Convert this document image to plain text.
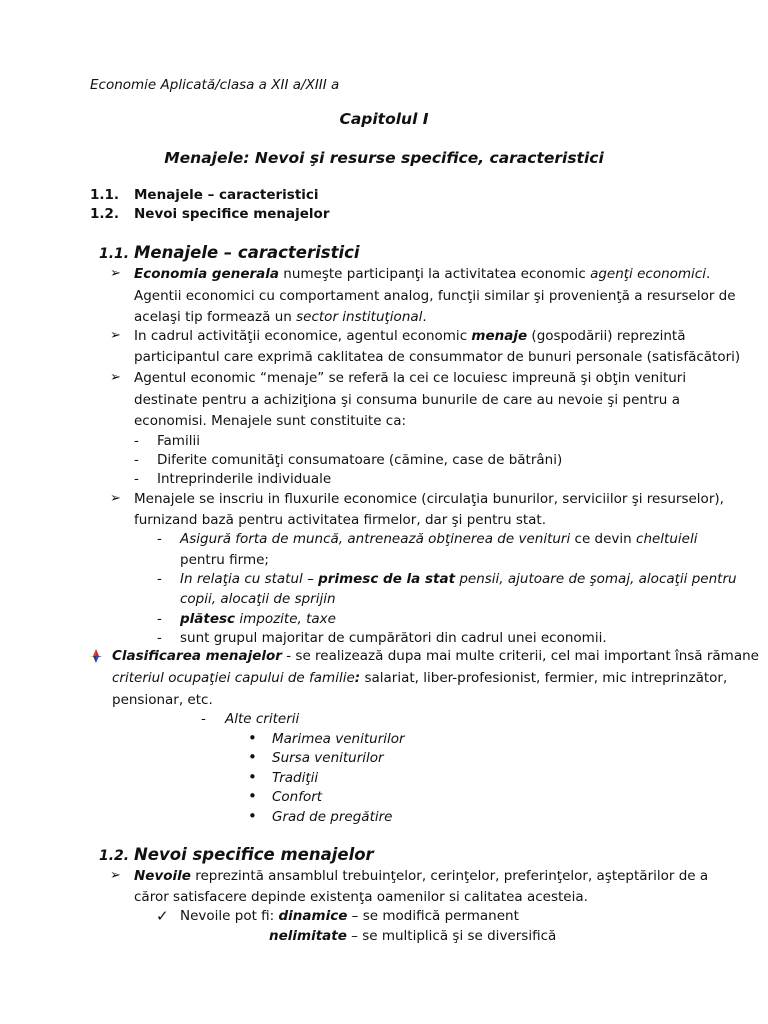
Economie Aplicată/clasa a XII a/XIII a
Capitolul I
Menajele: Nevoi şi resurse specifice, caracteristici
1.1. Menajele – caracteristici
1.2. Nevoi specifice menajelor
1.1. Menajele – caracteristici
➢ Economia generala numeşte participanţi la activitatea economic agenţi economici.
Agentii economici cu comportament analog, funcţii similar şi provenienţă a resurselor de
acelaşi tip formează un sector instituţional.
➢ In cadrul activităţii economice, agentul economic menaje (gospodării) reprezintă
participantul care exprimă caklitatea de consummator de bunuri personale (satisfăcători)
➢ Agentul economic “menaje” se referă la cei ce locuiesc impreună şi obţin venituri
destinate pentru a achiziţiona şi consuma bunurile de care au nevoie şi pentru a
economisi. Menajele sunt constituite ca:
- Familii
- Diferite comunităţi consumatoare (cămine, case de bătrâni)
- Intreprinderile individuale
➢ Menajele se inscriu in fluxurile economice (circulaţia bunurilor, serviciilor şi resurselor),
furnizand bază pentru activitatea firmelor, dar şi pentru stat.
- Asigură forta de muncă, antrenează obţinerea de venituri ce devin cheltuieli
pentru firme;
- In relaţia cu statul – primesc de la stat pensii, ajutoare de şomaj, alocaţii pentru
copii, alocaţii de sprijin
- plătesc impozite, taxe
- sunt grupul majoritar de cumpărători din cadrul unei economii.
Clasificarea menajelor - se realizează dupa mai multe criterii, cel mai important însă rămane
criteriul ocupaţiei capului de familie: salariat, liber-profesionist, fermier, mic intreprinzător,
pensionar, etc.
- Alte criterii
• Marimea veniturilor
• Sursa veniturilor
• Tradiţii
• Confort
• Grad de pregătire
1.2. Nevoi specifice menajelor
➢ Nevoile reprezintă ansamblul trebuinţelor, cerinţelor, preferinţelor, aşteptărilor de a
căror satisfacere depinde existenţa oamenilor si calitatea acesteia.
✓ Nevoile pot fi: dinamice – se modifică permanent
nelimitate – se multiplică şi se diversifică
